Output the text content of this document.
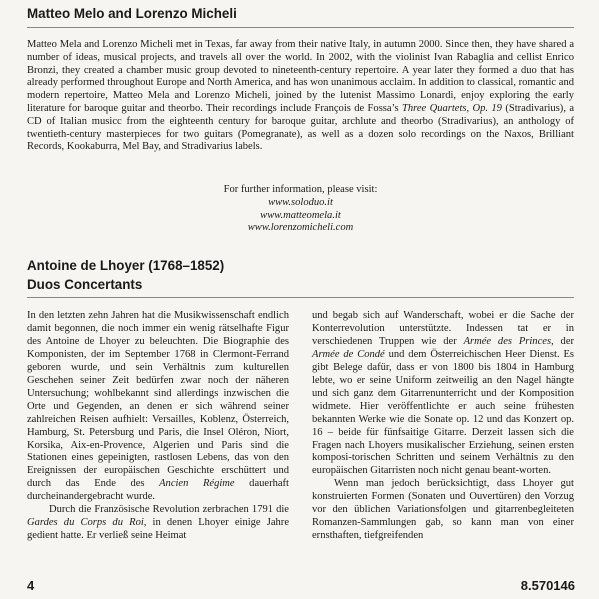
Matteo Melo and Lorenzo Micheli

Matteo Mela and Lorenzo Micheli met in Texas, far away from their native Italy, in autumn 2000. Since then, they have shared a number of ideas, musical projects, and travels all over the world. In 2002, with the violinist Ivan Rabaglia and cellist Enrico Bronzi, they created a chamber music group devoted to nineteenth-century repertoire. A year later they formed a duo that has already performed throughout Europe and North America, and has won unanimous acclaim. In addition to classical, romantic and modern repertoire, Matteo Mela and Lorenzo Micheli, joined by the lutenist Massimo Lonardi, enjoy exploring the early literature for baroque guitar and theorbo. Their recordings include François de Fossa’s Three Quartets, Op. 19 (Stradivarius), a CD of Italian musicc from the eighteenth century for baroque guitar, archlute and theorbo (Stradivarius), an anthology of twentieth-century masterpieces for two guitars (Pomegranate), as well as a dozen solo recordings on the Naxos, Brilliant Records, Kookaburra, Mel Bay, and Stradivarius labels.

For further information, please visit:
www.soloduo.it
www.matteomela.it
www.lorenzomicheli.com
Antoine de Lhoyer (1768–1852)
Duos Concertants

In den letzten zehn Jahren hat die Musikwissenschaft endlich damit begonnen, die noch immer ein wenig rätselhafte Figur des Antoine de Lhoyer zu beleuchten. Die Biographie des Komponisten, der im September 1768 in Clermont-Ferrand geboren wurde, und sein Verhältnis zum kulturellen Geschehen seiner Zeit bedürfen zwar noch der näheren Untersuchung; wohlbekannt sind allerdings inzwischen die Orte und Gegenden, an denen er sich während seiner zahlreichen Reisen aufhielt: Versailles, Koblenz, Österreich, Hamburg, St. Petersburg und Paris, die Insel Oléron, Niort, Korsika, Aix-en-Provence, Algerien und Paris sind die Stationen eines gepeinigten, rastlosen Lebens, das von den Ereignissen der europäischen Geschichte erschüttert und durch das Ende des Ancien Régime dauerhaft durcheinandergebracht wurde.

Durch die Französische Revolution zerbrachen 1791 die Gardes du Corps du Roi, in denen Lhoyer einige Jahre gedient hatte. Er verließ seine Heimat

und begab sich auf Wanderschaft, wobei er die Sache der Konterrevolution unterstützte. Indessen tat er in verschiedenen Truppen wie der Armée des Princes, der Armée de Condé und dem Österreichischen Heer Dienst. Es gibt Belege dafür, dass er von 1800 bis 1804 in Hamburg lebte, wo er seine Uniform zeitweilig an den Nagel hängte und sich ganz dem Gitarrenunterricht und der Komposition widmete. Hier veröffentlichte er auch seine frühesten bekannten Werke wie die Sonate op. 12 und das Konzert op. 16 – beide für fünfsaitige Gitarre. Derzeit lassen sich die Fragen nach Lhoyers musikalischer Erziehung, seinen ersten komposi-torischen Schritten und seinem Verhältnis zu den europäischen Gitarristen noch nicht genau beant-worten.

Wenn man jedoch berücksichtigt, dass Lhoyer gut konstruierten Formen (Sonaten und Ouvertüren) den Vorzug vor den üblichen Variationsfolgen und gitarrenbegleiteten Romanzen-Sammlungen gab, so kann man von einer ernsthaften, tiefgreifenden

4	8.570146
